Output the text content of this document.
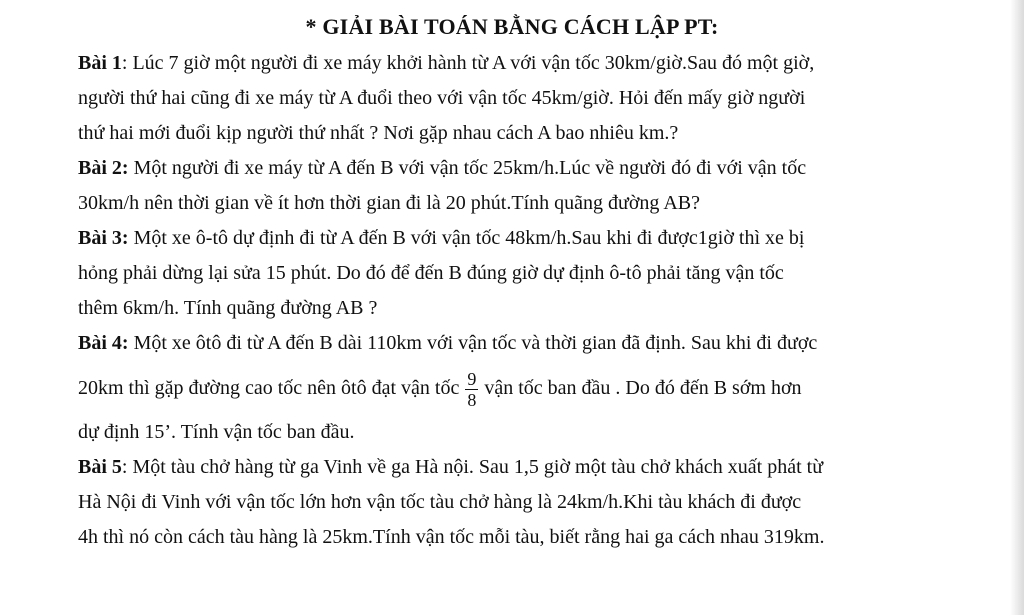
* GIẢI BÀI TOÁN BẰNG CÁCH LẬP PT:
Bài 1: Lúc 7 giờ một người đi xe máy khởi hành từ A với vận tốc 30km/giờ.Sau đó một giờ,
người thứ hai cũng đi xe máy từ A đuổi theo với vận tốc 45km/giờ. Hỏi đến mấy giờ người
thứ hai mới đuổi kịp người thứ nhất ? Nơi gặp nhau cách A bao nhiêu km.?
Bài 2: Một người đi xe máy từ A đến B với vận tốc 25km/h.Lúc về người đó đi với vận tốc
30km/h nên thời gian về ít hơn thời gian đi là 20 phút.Tính quãng đường AB?
Bài 3: Một xe ô-tô dự định đi từ A đến B với vận tốc 48km/h.Sau khi đi được1giờ thì xe bị
hỏng phải dừng lại sửa 15 phút. Do đó để đến B đúng giờ dự định ô-tô phải tăng vận tốc
thêm 6km/h. Tính quãng đường AB ?
Bài 4: Một xe ôtô đi từ A đến B dài 110km với vận tốc và thời gian đã định. Sau khi đi được
20km thì gặp đường cao tốc nên ôtô đạt vận tốc $\frac{9}{8}$ vận tốc ban đầu . Do đó đến B sớm hơn
dự định 15’. Tính vận tốc ban đầu.
Bài 5: Một tàu chở hàng từ ga Vinh về ga Hà nội. Sau 1,5 giờ một tàu chở khách xuất phát từ
Hà Nội đi Vinh với vận tốc lớn hơn vận tốc tàu chở hàng là 24km/h.Khi tàu khách đi được
4h thì nó còn cách tàu hàng là 25km.Tính vận tốc mỗi tàu, biết rằng hai ga cách nhau 319km.
